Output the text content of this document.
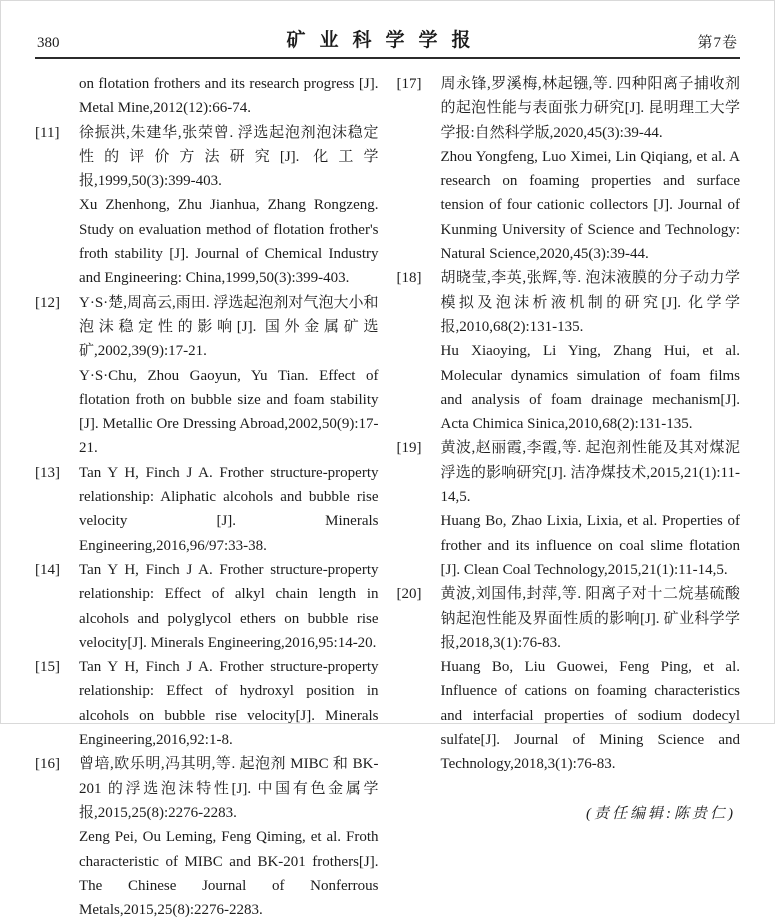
380	矿业科学学报	第7卷

on flotation frothers and its research progress [J]. Metal Mine,2012(12):66-74.

[11]	徐振洪,朱建华,张荣曾. 浮选起泡剂泡沫稳定性的评价方法研究[J]. 化工学报,1999,50(3):399-403.

Xu Zhenhong, Zhu Jianhua, Zhang Rongzeng. Study on evaluation method of flotation frother's froth stability [J]. Journal of Chemical Industry and Engineering: China,1999,50(3):399-403.

[12]	Y·S·楚,周高云,雨田. 浮选起泡剂对气泡大小和泡沫稳定性的影响[J]. 国外金属矿选矿,2002,39(9):17-21.

Y·S·Chu, Zhou Gaoyun, Yu Tian. Effect of flotation froth on bubble size and foam stability [J]. Metallic Ore Dressing Abroad,2002,50(9):17-21.

[13]	Tan Y H, Finch J A. Frother structure-property relationship: Aliphatic alcohols and bubble rise velocity [J]. Minerals Engineering,2016,96/97:33-38.

[14]	Tan Y H, Finch J A. Frother structure-property relationship: Effect of alkyl chain length in alcohols and polyglycol ethers on bubble rise velocity[J]. Minerals Engineering,2016,95:14-20.

[15]	Tan Y H, Finch J A. Frother structure-property relationship: Effect of hydroxyl position in alcohols on bubble rise velocity[J]. Minerals Engineering,2016,92:1-8.

[16]	曾培,欧乐明,冯其明,等. 起泡剂 MIBC 和 BK-201 的浮选泡沫特性[J]. 中国有色金属学报,2015,25(8):2276-2283.

Zeng Pei, Ou Leming, Feng Qiming, et al. Froth characteristic of MIBC and BK-201 frothers[J]. The Chinese Journal of Nonferrous Metals,2015,25(8):2276-2283.

[17]	周永锋,罗溪梅,林起镪,等. 四种阳离子捕收剂的起泡性能与表面张力研究[J]. 昆明理工大学学报:自然科学版,2020,45(3):39-44.

Zhou Yongfeng, Luo Ximei, Lin Qiqiang, et al. A research on foaming properties and surface tension of four cationic collectors [J]. Journal of Kunming University of Science and Technology: Natural Science,2020,45(3):39-44.

[18]	胡晓莹,李英,张辉,等. 泡沫液膜的分子动力学模拟及泡沫析液机制的研究[J]. 化学学报,2010,68(2):131-135.

Hu Xiaoying, Li Ying, Zhang Hui, et al. Molecular dynamics simulation of foam films and analysis of foam drainage mechanism[J]. Acta Chimica Sinica,2010,68(2):131-135.

[19]	黄波,赵丽霞,李霞,等. 起泡剂性能及其对煤泥浮选的影响研究[J]. 洁净煤技术,2015,21(1):11-14,5.

Huang Bo, Zhao Lixia, Lixia, et al. Properties of frother and its influence on coal slime flotation [J]. Clean Coal Technology,2015,21(1):11-14,5.

[20]	黄波,刘国伟,封萍,等. 阳离子对十二烷基硫酸钠起泡性能及界面性质的影响[J]. 矿业科学学报,2018,3(1):76-83.

Huang Bo, Liu Guowei, Feng Ping, et al. Influence of cations on foaming characteristics and interfacial properties of sodium dodecyl sulfate[J]. Journal of Mining Science and Technology,2018,3(1):76-83.

(责任编辑:陈贵仁)
